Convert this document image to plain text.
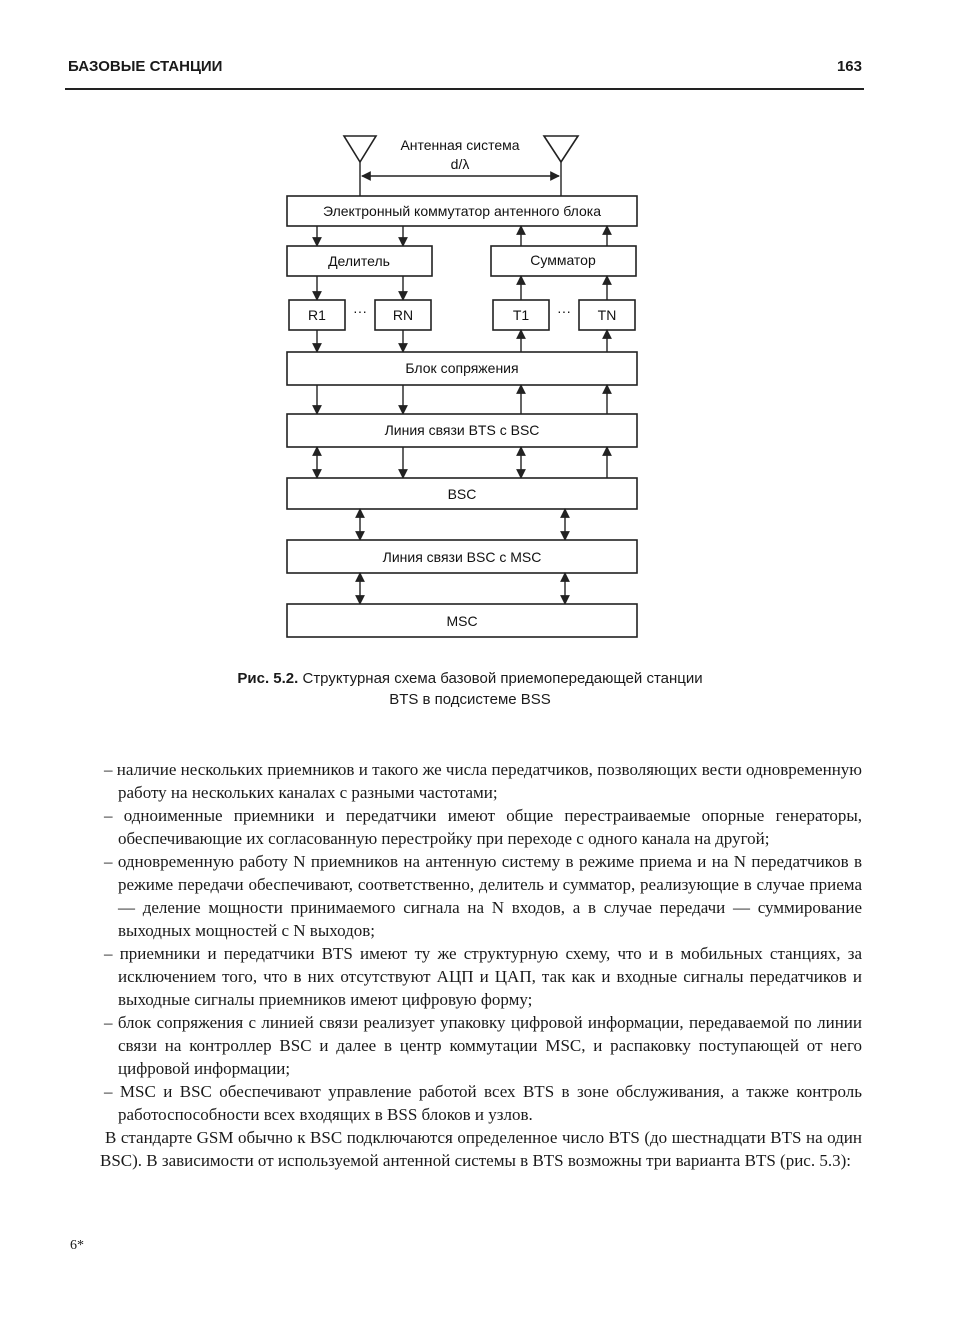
БАЗОВЫЕ СТАНЦИИ	163
Антенная система
d/λ
Электронный коммутатор антенного блока
Делитель	Сумматор
R1 ··· RN	T1 ··· TN
Блок сопряжения
Линия связи BTS с BSC
BSC
Линия связи BSC с MSC
MSC
Рис. 5.2. Структурная схема базовой приемопередающей станции
BTS в подсистеме BSS

– наличие нескольких приемников и такого же числа передатчиков, позволяющих вести одновременную работу на нескольких каналах с разными частотами;

– одноименные приемники и передатчики имеют общие перестраиваемые опорные генераторы, обеспечивающие их согласованную перестройку при переходе с одного канала на другой;

– одновременную работу N приемников на антенную систему в режиме приема и на N передатчиков в режиме передачи обеспечивают, соответственно, делитель и сумматор, реализующие в случае приема — деление мощности принимаемого сигнала на N входов, а в случае передачи — суммирование выходных мощностей с N выходов;

– приемники и передатчики BTS имеют ту же структурную схему, что и в мобильных станциях, за исключением того, что в них отсутствуют АЦП и ЦАП, так как и входные сигналы передатчиков и выходные сигналы приемников имеют цифровую форму;

– блок сопряжения с линией связи реализует упаковку цифровой информации, передаваемой по линии связи на контроллер BSC и далее в центр коммутации MSC, и распаковку поступающей от него цифровой информации;

– MSC и BSC обеспечивают управление работой всех BTS в зоне обслуживания, а также контроль работоспособности всех входящих в BSS блоков и узлов.

В стандарте GSM обычно к BSC подключаются определенное число BTS (до шестнадцати BTS на один BSC). В зависимости от используемой антенной системы в BTS возможны три варианта BTS (рис. 5.3):

6*
